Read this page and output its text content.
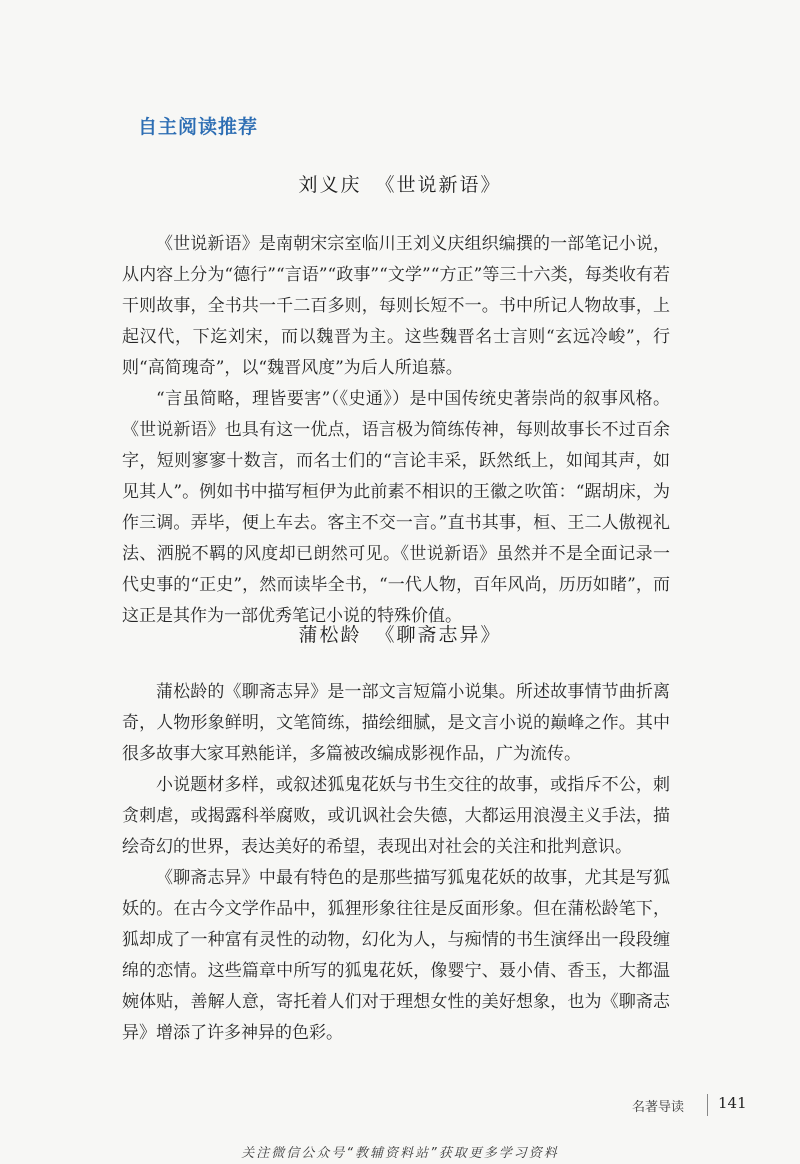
自主阅读推荐
刘义庆 《世说新语》

《世说新语》是南朝宋宗室临川王刘义庆组织编撰的一部笔记小说，从内容上分为“德行”“言语”“政事”“文学”“方正”等三十六类，每类收有若干则故事，全书共一千二百多则，每则长短不一。书中所记人物故事，上起汉代，下迄刘宋，而以魏晋为主。这些魏晋名士言则“玄远冷峻”，行则“高简瑰奇”，以“魏晋风度”为后人所追慕。

“言虽简略，理皆要害”（《史通》）是中国传统史著崇尚的叙事风格。《世说新语》也具有这一优点，语言极为简练传神，每则故事长不过百余字，短则寥寥十数言，而名士们的“言论丰采，跃然纸上，如闻其声，如见其人”。例如书中描写桓伊为此前素不相识的王徽之吹笛：“踞胡床，为作三调。弄毕，便上车去。客主不交一言。”直书其事，桓、王二人傲视礼法、洒脱不羁的风度却已朗然可见。《世说新语》虽然并不是全面记录一代史事的“正史”，然而读毕全书，“一代人物，百年风尚，历历如睹”，而这正是其作为一部优秀笔记小说的特殊价值。

蒲松龄 《聊斋志异》

蒲松龄的《聊斋志异》是一部文言短篇小说集。所述故事情节曲折离奇，人物形象鲜明，文笔简练，描绘细腻，是文言小说的巅峰之作。其中很多故事大家耳熟能详，多篇被改编成影视作品，广为流传。

小说题材多样，或叙述狐鬼花妖与书生交往的故事，或指斥不公，刺贪刺虐，或揭露科举腐败，或讥讽社会失德，大都运用浪漫主义手法，描绘奇幻的世界，表达美好的希望，表现出对社会的关注和批判意识。

《聊斋志异》中最有特色的是那些描写狐鬼花妖的故事，尤其是写狐妖的。在古今文学作品中，狐狸形象往往是反面形象。但在蒲松龄笔下，狐却成了一种富有灵性的动物，幻化为人，与痴情的书生演绎出一段段缠绵的恋情。这些篇章中所写的狐鬼花妖，像婴宁、聂小倩、香玉，大都温婉体贴，善解人意，寄托着人们对于理想女性的美好想象，也为《聊斋志异》增添了许多神异的色彩。

名著导读 141
关注微信公众号“教辅资料站”获取更多学习资料
